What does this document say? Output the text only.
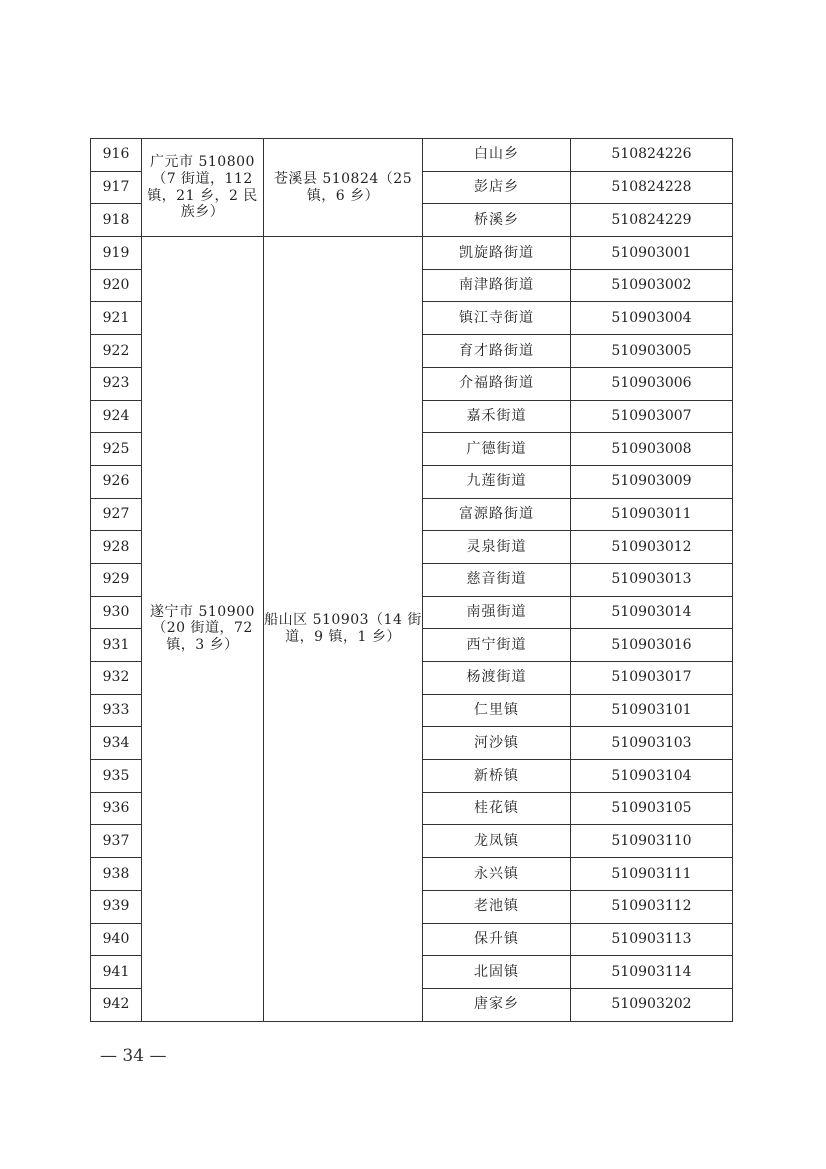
916	广元市 510800（7 街道，112 镇，21 乡，2 民族乡）	苍溪县 510824（25 镇，6 乡）	白山乡	510824226
917			彭店乡	510824228
918			桥溪乡	510824229
919	遂宁市 510900（20 街道，72 镇，3 乡）	船山区 510903（14 街道，9 镇，1 乡）	凯旋路街道	510903001
920			南津路街道	510903002
921			镇江寺街道	510903004
922			育才路街道	510903005
923			介福路街道	510903006
924			嘉禾街道	510903007
925			广德街道	510903008
926			九莲街道	510903009
927			富源路街道	510903011
928			灵泉街道	510903012
929			慈音街道	510903013
930			南强街道	510903014
931			西宁街道	510903016
932			杨渡街道	510903017
933			仁里镇	510903101
934			河沙镇	510903103
935			新桥镇	510903104
936			桂花镇	510903105
937			龙凤镇	510903110
938			永兴镇	510903111
939			老池镇	510903112
940			保升镇	510903113
941			北固镇	510903114
942			唐家乡	510903202
— 34 —
